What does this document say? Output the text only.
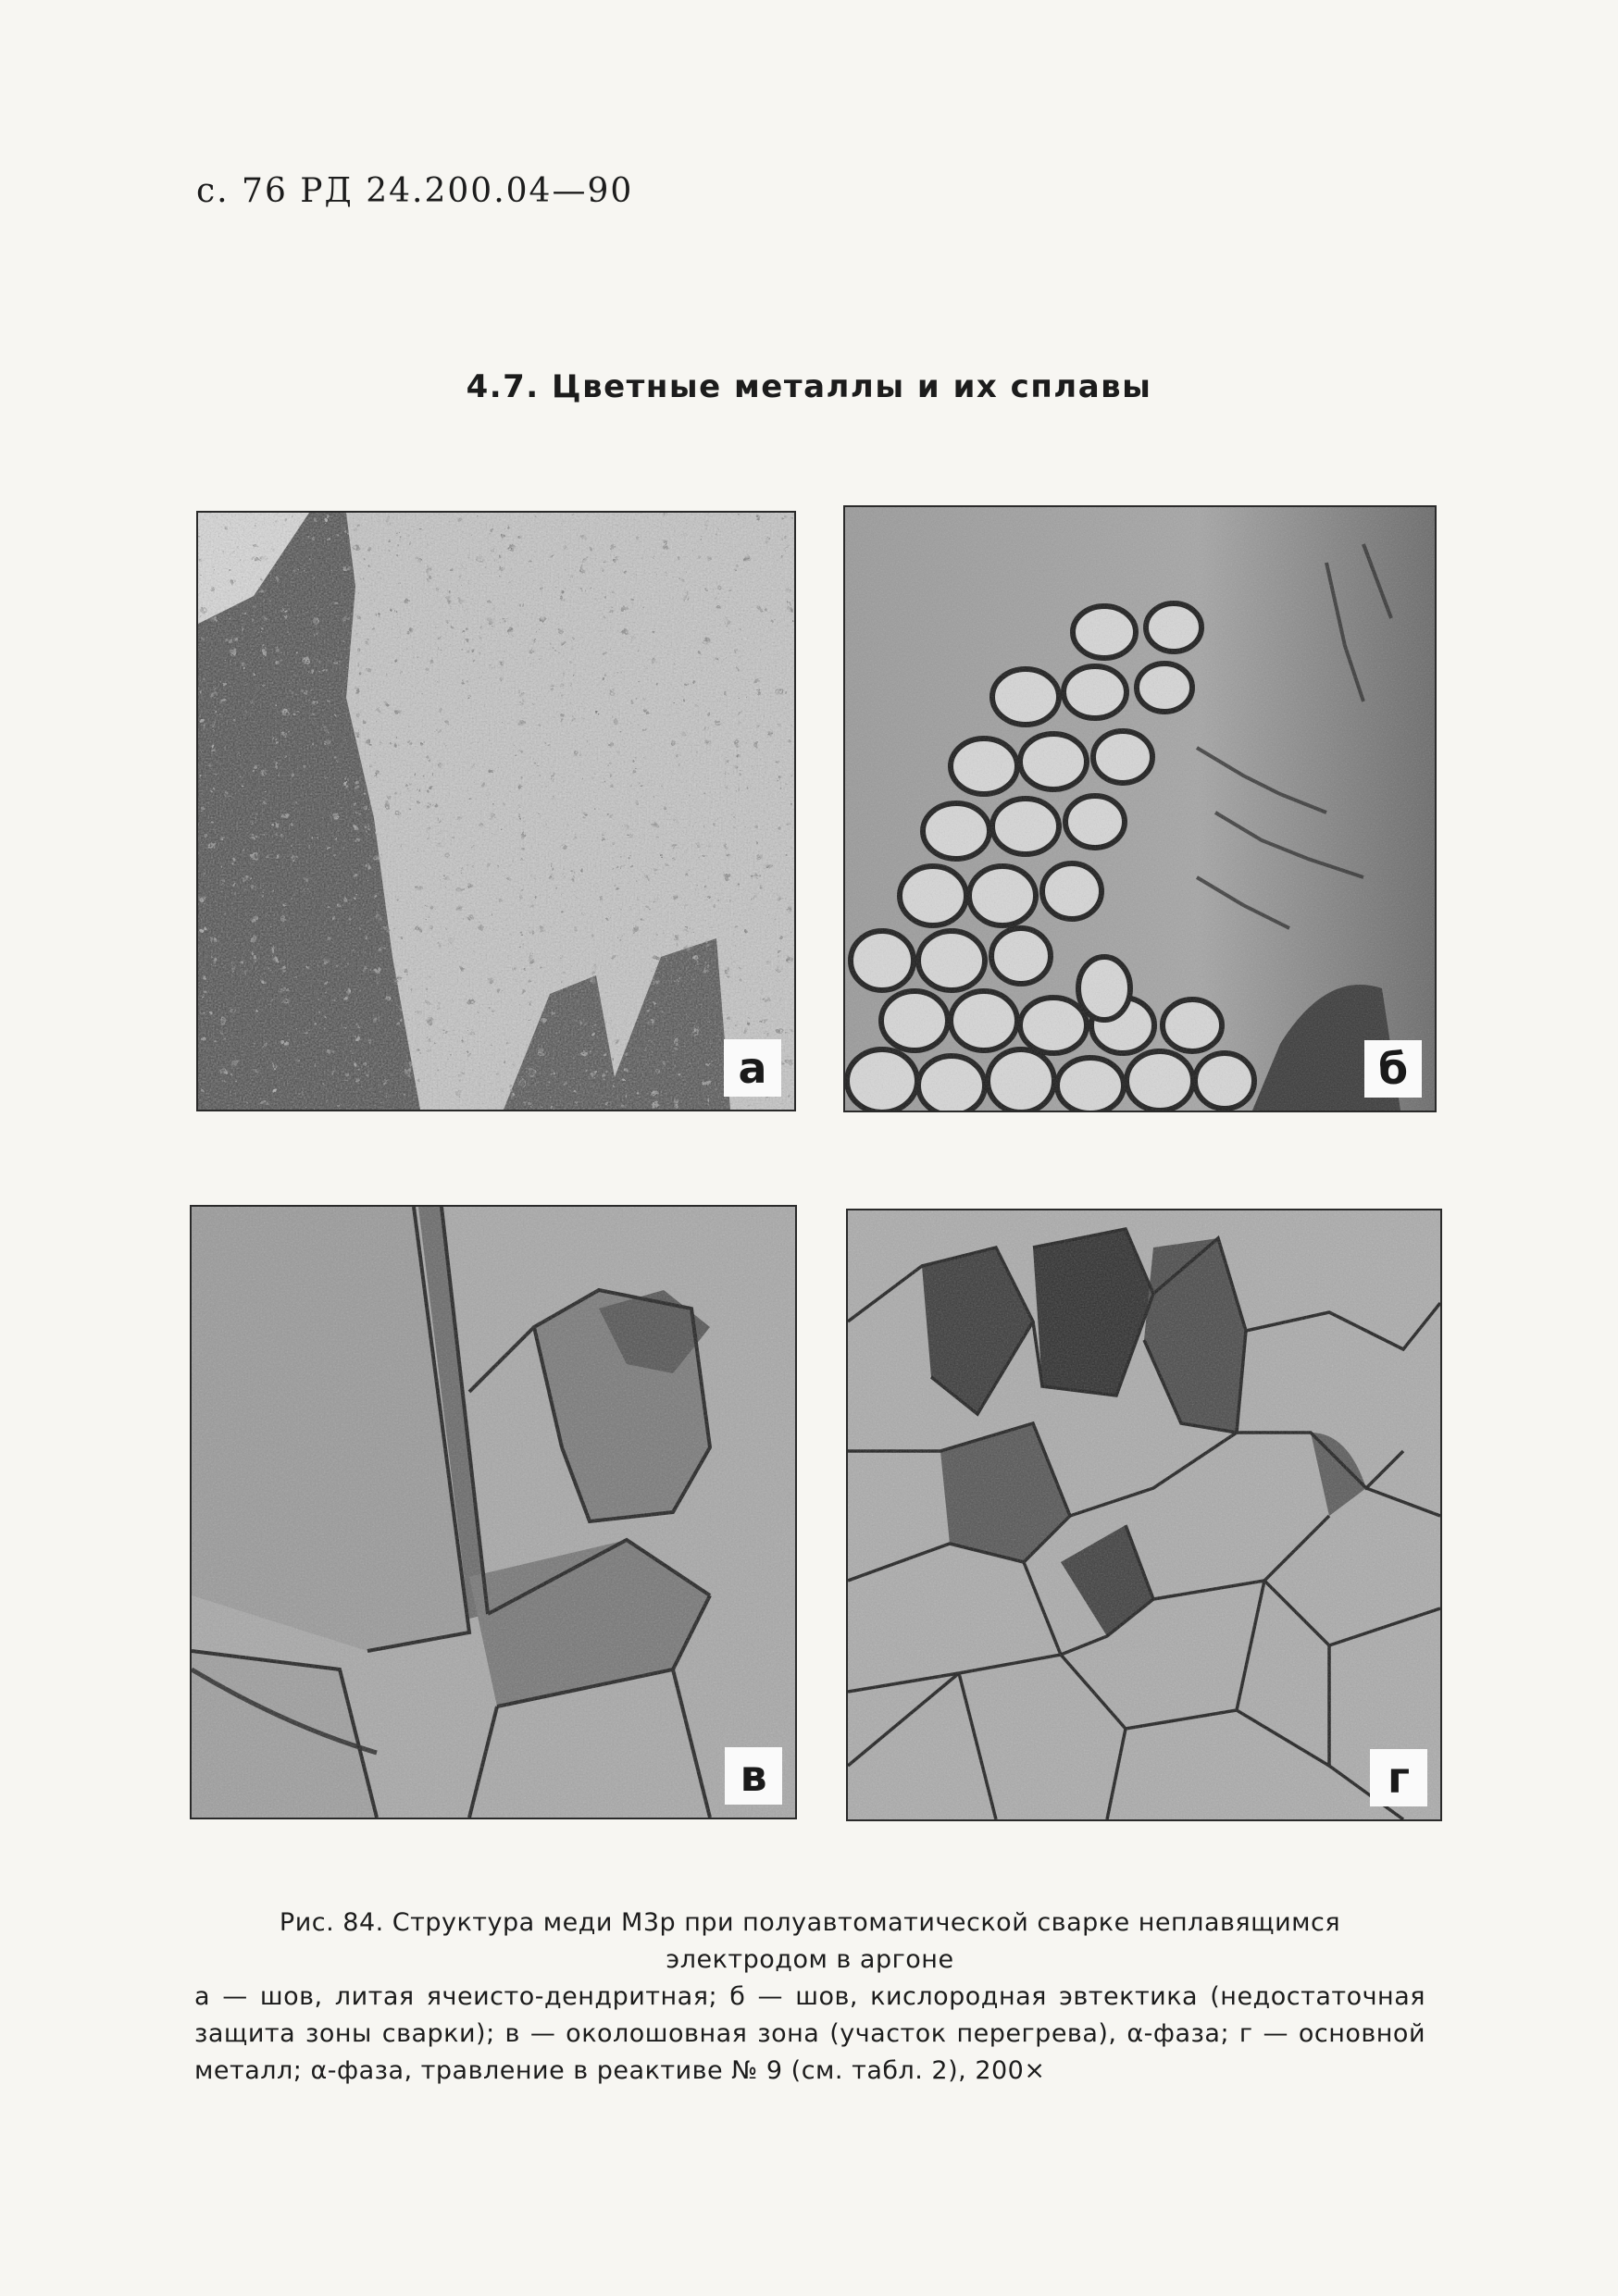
с. 76 РД 24.200.04—90
4.7. Цветные металлы и их сплавы
а	б
в	г
Рис. 84. Структура меди М3р при полуавтоматической сварке неплавящимся электродом в аргоне
а — шов, литая ячеисто-дендритная; б — шов, кислородная эвтектика (недостаточная защита зоны сварки); в — околошовная зона (участок перегрева), α-фаза; г — основной металл; α-фаза, травление в реактиве № 9 (см. табл. 2), 200×
